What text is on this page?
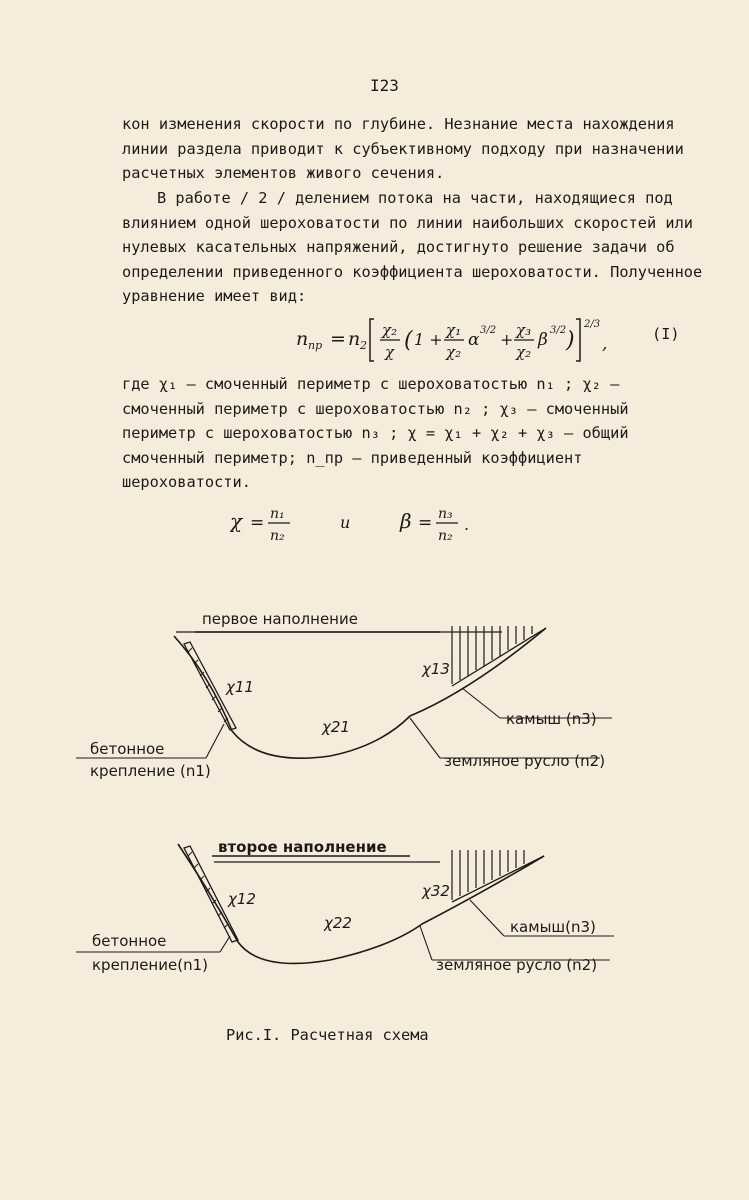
I23

кон изменения скорости по глубине. Незнание места нахождения линии раздела приводит к субъективному подходу при назначении расчетных элементов живого сечения.

В работе / 2 / делением потока на части, находящиеся под влиянием одной шероховатости по линии наибольших скоростей или нулевых касательных напряжений, достигнуто решение задачи об определении приведенного коэффициента шероховатости. Полученное уравнение имеет вид:

n пр = n 2
χ₂
χ ( 1 + χ₁
χ₂
α 3/2 + χ₃
χ₂
β 3/2 )
2/3
,	(I)

где χ₁ – смоченный периметр с шероховатостью n₁ ; χ₂ – смоченный периметр с шероховатостью n₂ ; χ₃ – смоченный периметр с шероховатостью n₃ ; χ = χ₁ + χ₂ + χ₃ – общий смоченный периметр; n_пр – приведенный коэффициент шероховатости.

χ = n₁
n₂
и β = n₃
n₂
.
первое наполнение
χ11
χ21
χ13
камыш (n3)
земляное русло (n2)
бетонное
крепление (n1)
второе наполнение
χ12
χ22
χ32
камыш(n3)
земляное русло (n2)
бетонное
крепление(n1)
Рис.I. Расчетная схема
